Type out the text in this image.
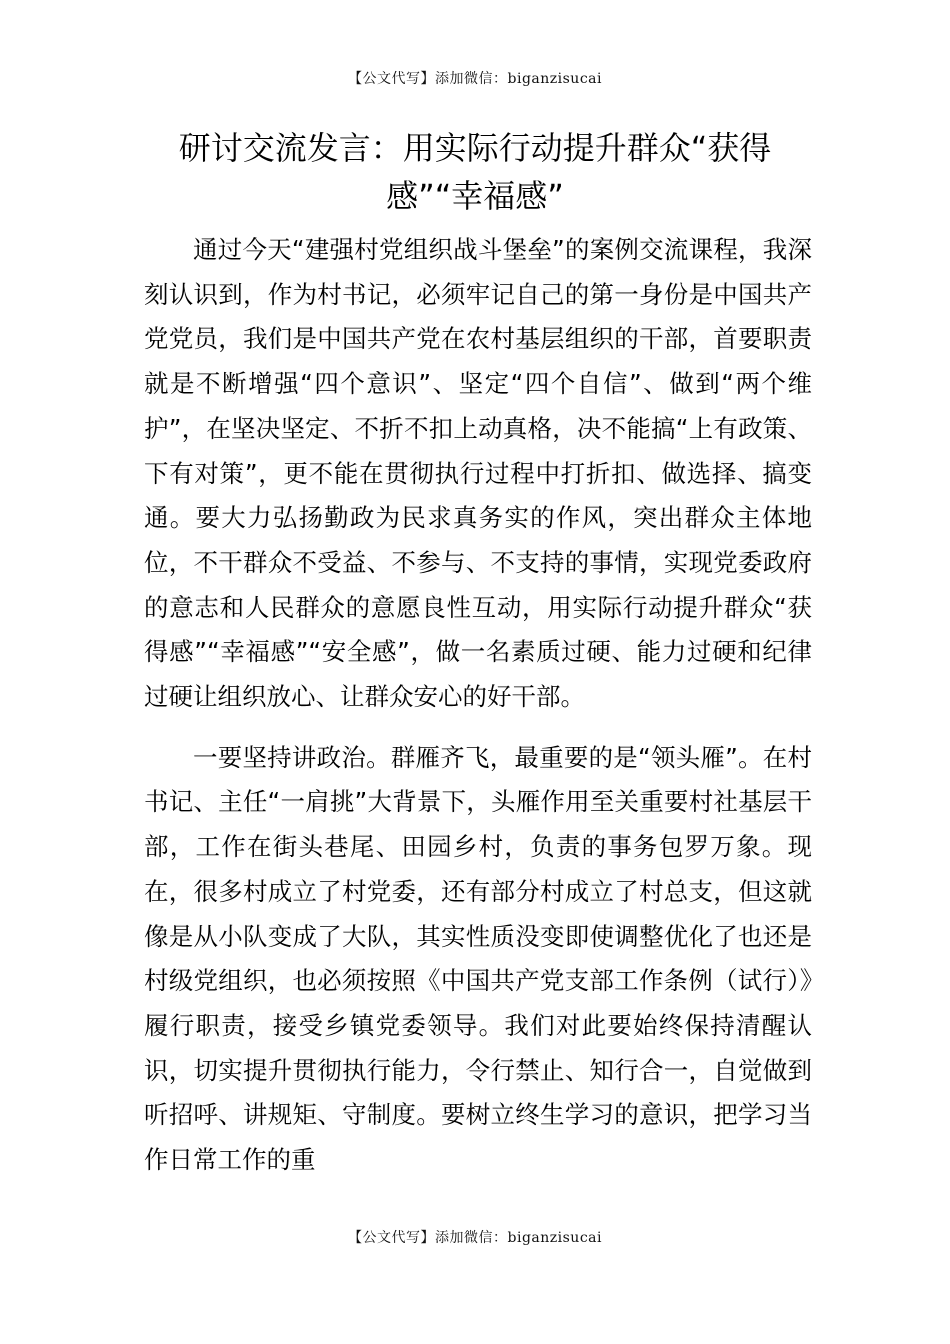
【公文代写】添加微信：biganzisucai
研讨交流发言：用实际行动提升群众“获得感”“幸福感”

通过今天“建强村党组织战斗堡垒”的案例交流课程，我深刻认识到，作为村书记，必须牢记自己的第一身份是中国共产党党员，我们是中国共产党在农村基层组织的干部，首要职责就是不断增强“四个意识”、坚定“四个自信”、做到“两个维护”，在坚决坚定、不折不扣上动真格，决不能搞“上有政策、下有对策”，更不能在贯彻执行过程中打折扣、做选择、搞变通。要大力弘扬勤政为民求真务实的作风，突出群众主体地位，不干群众不受益、不参与、不支持的事情，实现党委政府的意志和人民群众的意愿良性互动，用实际行动提升群众“获得感”“幸福感”“安全感”，做一名素质过硬、能力过硬和纪律过硬让组织放心、让群众安心的好干部。

一要坚持讲政治。群雁齐飞，最重要的是“领头雁”。在村书记、主任“一肩挑”大背景下，头雁作用至关重要村社基层干部，工作在街头巷尾、田园乡村，负责的事务包罗万象。现在，很多村成立了村党委，还有部分村成立了村总支，但这就像是从小队变成了大队，其实性质没变即使调整优化了也还是村级党组织，也必须按照《中国共产党支部工作条例（试行）》履行职责，接受乡镇党委领导。我们对此要始终保持清醒认识，切实提升贯彻执行能力，令行禁止、知行合一，自觉做到听招呼、讲规矩、守制度。要树立终生学习的意识，把学习当作日常工作的重

【公文代写】添加微信：biganzisucai
